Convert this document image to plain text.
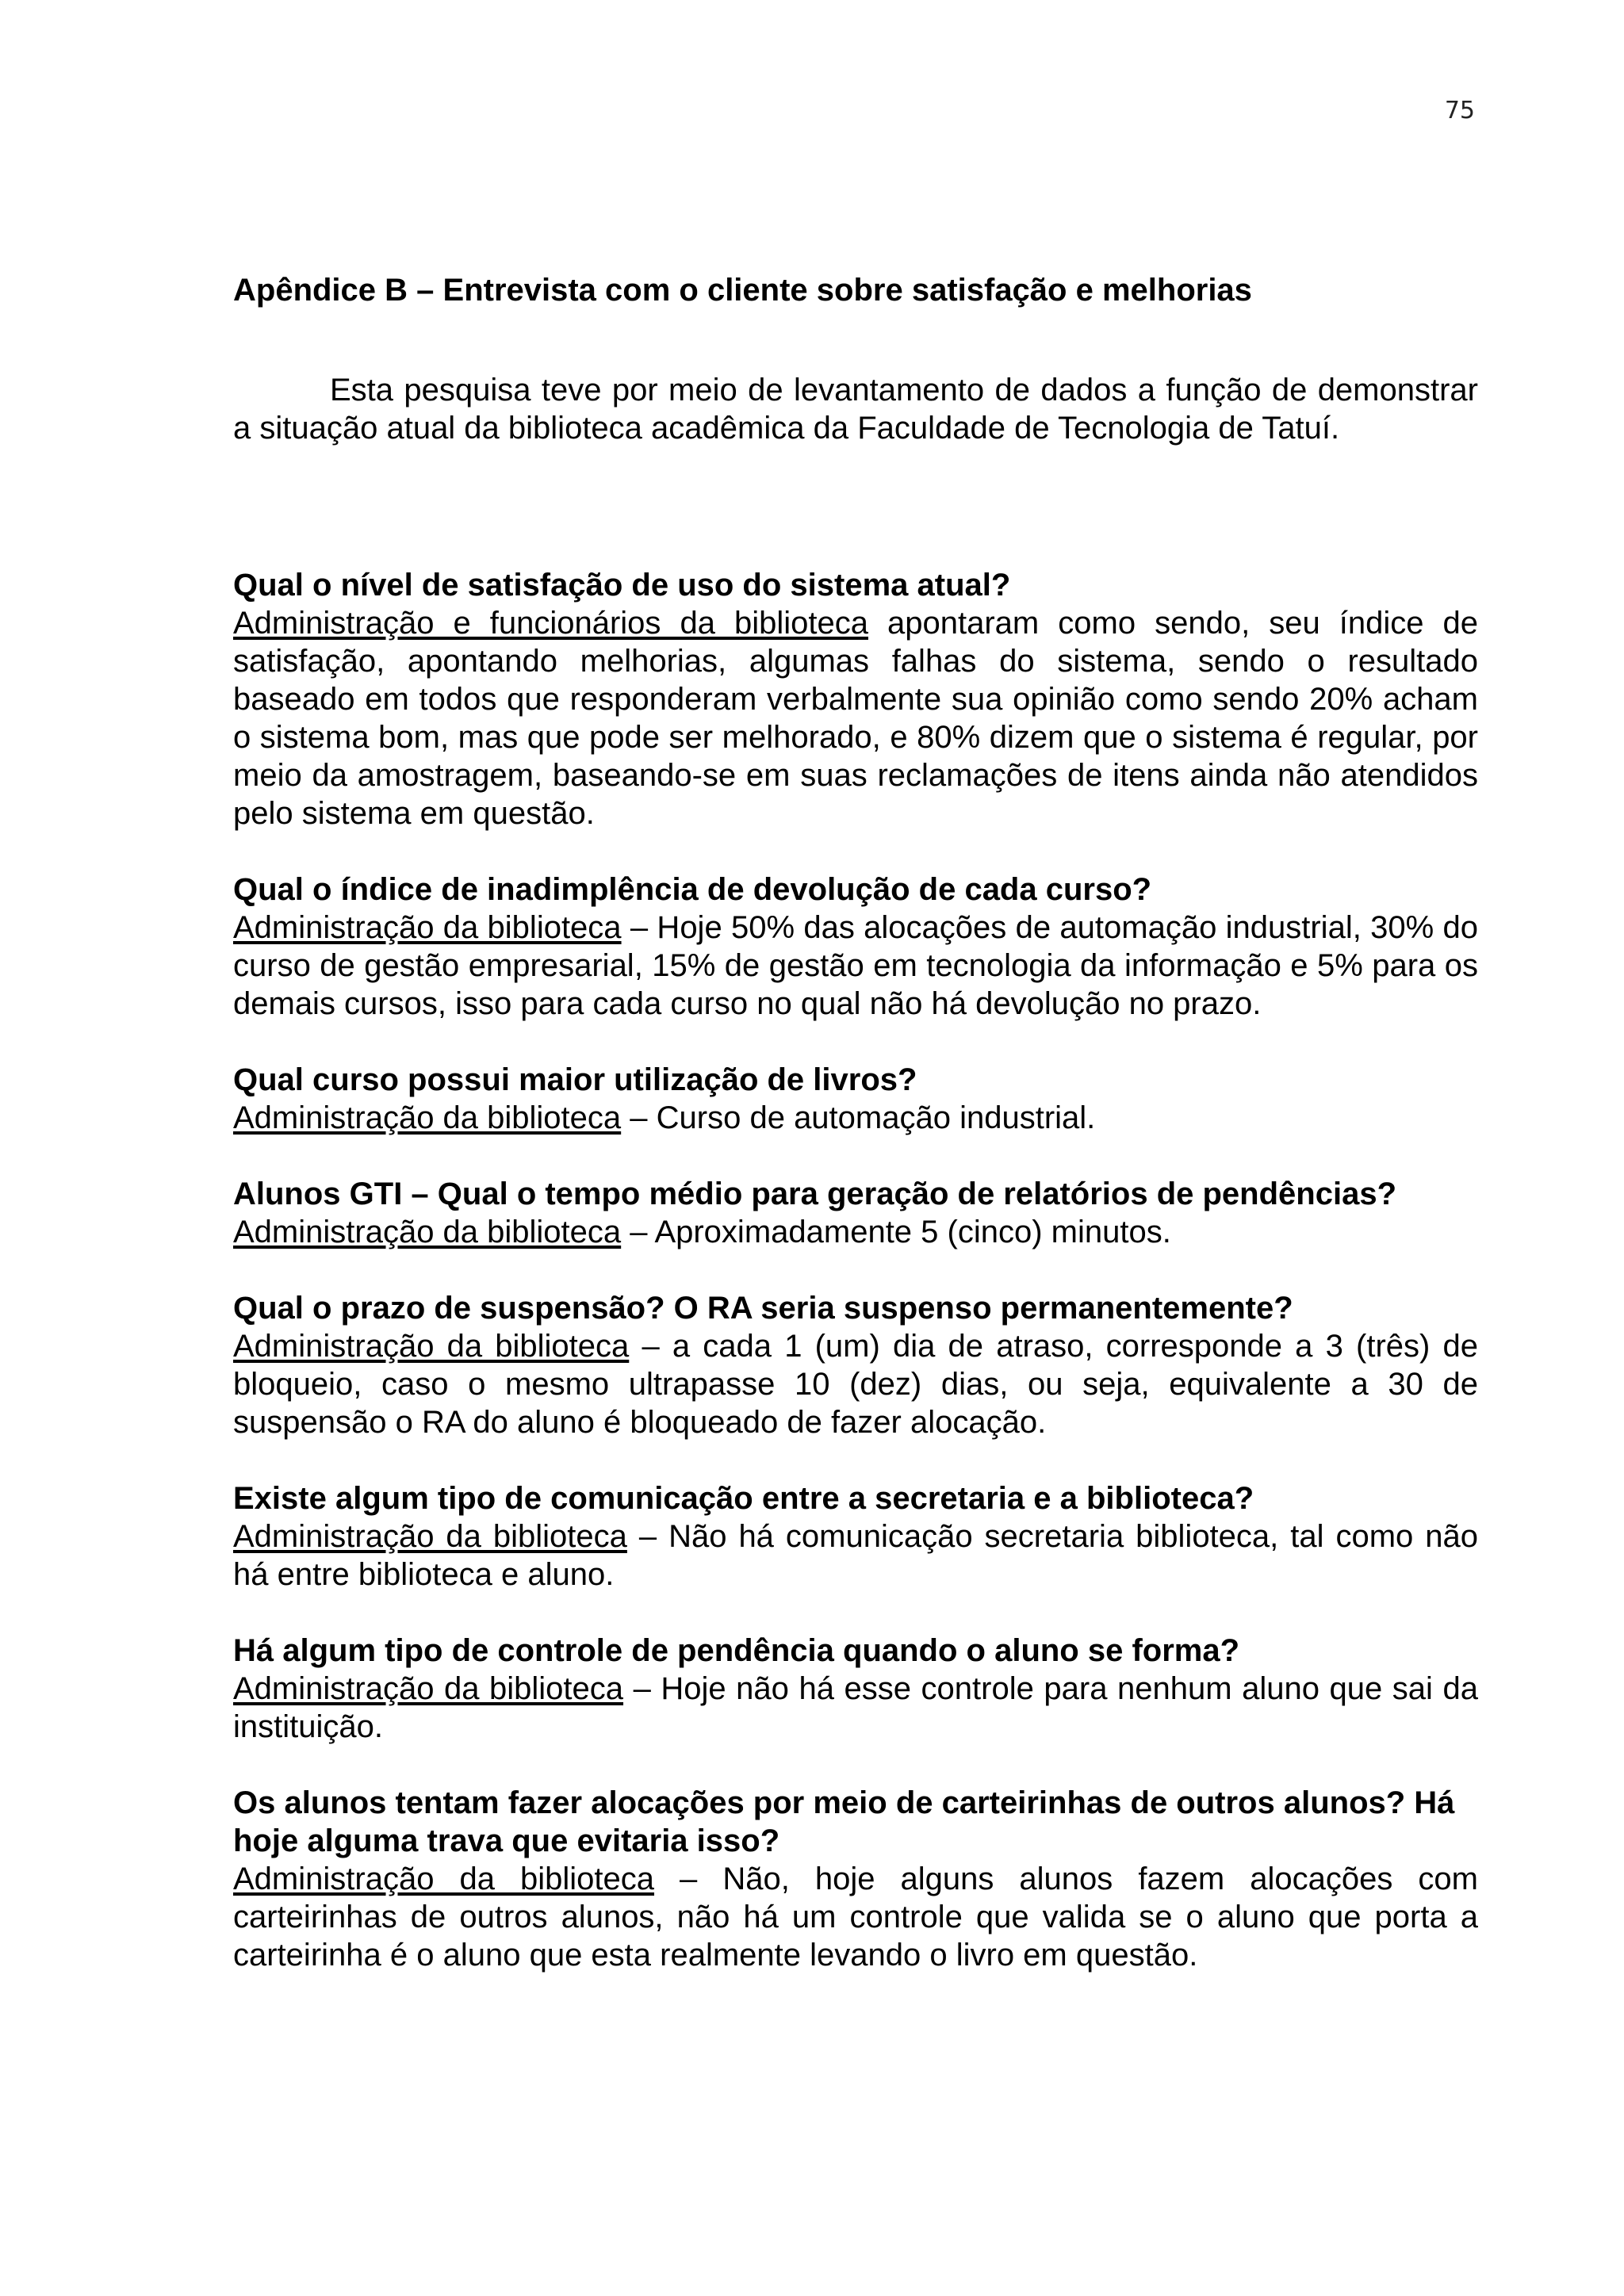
75
Apêndice B – Entrevista com o cliente sobre satisfação e melhorias

Esta pesquisa teve por meio de levantamento de dados a função de demonstrar a situação atual da biblioteca acadêmica da Faculdade de Tecnologia de Tatuí.

Qual o nível de satisfação de uso do sistema atual?

Administração e funcionários da biblioteca apontaram como sendo, seu índice de satisfação, apontando melhorias, algumas falhas do sistema, sendo o resultado baseado em todos que responderam verbalmente sua opinião como sendo 20% acham o sistema bom, mas que pode ser melhorado, e 80% dizem que o sistema é regular, por meio da amostragem, baseando-se em suas reclamações de itens ainda não atendidos pelo sistema em questão.

Qual o índice de inadimplência de devolução de cada curso?

Administração da biblioteca – Hoje 50% das alocações de automação industrial, 30% do curso de gestão empresarial, 15% de gestão em tecnologia da informação e 5% para os demais cursos, isso para cada curso no qual não há devolução no prazo.

Qual curso possui maior utilização de livros?

Administração da biblioteca – Curso de automação industrial.

Alunos GTI – Qual o tempo médio para geração de relatórios de pendências?

Administração da biblioteca – Aproximadamente 5 (cinco) minutos.

Qual o prazo de suspensão? O RA seria suspenso permanentemente?

Administração da biblioteca – a cada 1 (um) dia de atraso, corresponde a 3 (três) de bloqueio, caso o mesmo ultrapasse 10 (dez) dias, ou seja, equivalente a 30 de suspensão o RA do aluno é bloqueado de fazer alocação.

Existe algum tipo de comunicação entre a secretaria e a biblioteca?

Administração da biblioteca – Não há comunicação secretaria biblioteca, tal como não há entre biblioteca e aluno.

Há algum tipo de controle de pendência quando o aluno se forma?

Administração da biblioteca – Hoje não há esse controle para nenhum aluno que sai da instituição.

Os alunos tentam fazer alocações por meio de carteirinhas de outros alunos? Há hoje alguma trava que evitaria isso?

Administração da biblioteca – Não, hoje alguns alunos fazem alocações com carteirinhas de outros alunos, não há um controle que valida se o aluno que porta a carteirinha é o aluno que esta realmente levando o livro em questão.
